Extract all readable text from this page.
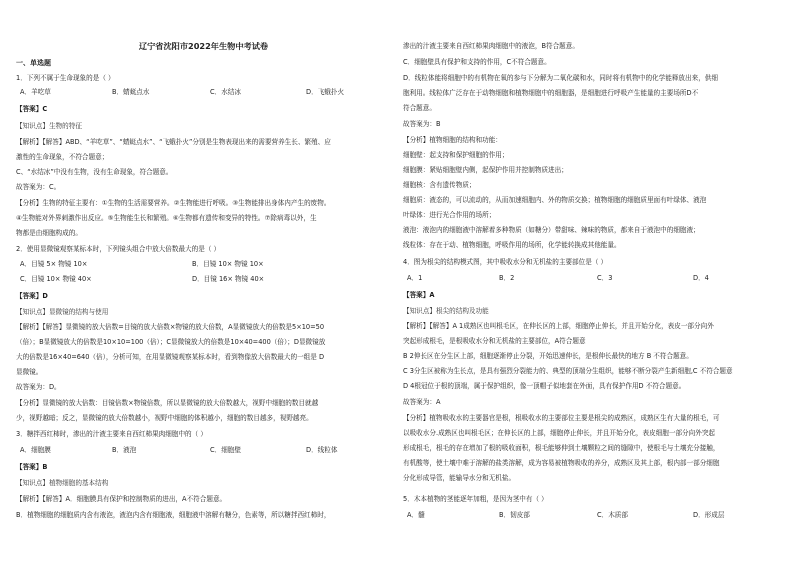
辽宁省沈阳市2022年生物中考试卷
一、单选题
1．下列不属于生命现象的是（ ）
A．羊吃草	B．蜻蜓点水	C．水结冰	D．飞蛾扑火
【答案】C
【知识点】生物的特征
【解析】【解答】ABD、“羊吃草”、“蜻蜓点水”、“飞蛾扑火”分别是生物表现出来的需要营养生长、繁殖、应
激性的生命现象，不符合题意；
C、“水结冰”中没有生物，没有生命现象，符合题意。
故答案为：C。
【分析】生物的特征主要有：①生物的生活需要营养。②生物能进行呼吸。③生物能排出身体内产生的废物。
④生物能对外界刺激作出反应。⑤生物能生长和繁殖。⑥生物都有遗传和变异的特性。⑦除病毒以外，生
物都是由细胞构成的。
2．使用显微镜观察某标本时，下列镜头组合中放大倍数最大的是（ ）
A．目镜 5× 物镜 10×	B．目镜 10× 物镜 10×
C．目镜 10× 物镜 40×	D．目镜 16× 物镜 40×
【答案】D
【知识点】显微镜的结构与使用
【解析】【解答】显微镜的放大倍数=目镜的放大倍数×物镜的放大倍数，A显微镜放大的倍数是5×10=50
（倍）；B显微镜放大的倍数是10×10=100（倍）；C显微镜放大的倍数是10×40=400（倍）；D显微镜放
大的倍数是16×40=640（倍），分析可知，在用显微镜观察某标本时，看到物像放大倍数最大的一组是 D
显微镜。
故答案为：D。
【分析】显微镜的放大倍数：目镜倍数×物镜倍数，所以显微镜的放大倍数越大，视野中细胞的数目就越
少，视野越暗；反之，显微镜的放大倍数越小，视野中细胞的体积越小，细胞的数目越多，视野越亮。
3．糖拌西红柿时，渗出的汁液主要来自西红柿果肉细胞中的（ ）
A．细胞膜	B．液泡	C．细胞壁	D．线粒体
【答案】B
【知识点】植物细胞的基本结构
【解析】【解答】A．细胞膜具有保护和控制物质的进出，A不符合题意。
B．植物细胞的细胞质内含有液泡，液泡内含有细胞液，细胞液中溶解有糖分，色素等，所以糖拌西红柿时，
渗出的汁液主要来自西红柿果肉细胞中的液泡，B符合题意。
C．细胞壁具有保护和支持的作用，C不符合题意。
D．线粒体能将细胞中的有机物在氧的参与下分解为二氧化碳和水，同时将有机物中的化学能释放出来，供细
胞利用。线粒体广泛存在于动物细胞和植物细胞中的细胞器，是细胞进行呼吸产生能量的主要场所D不
符合题意。
故答案为：B
【分析】植物细胞的结构和功能：
细胞壁：起支持和保护细胞的作用；
细胞膜：紧贴细胞壁内侧，起保护作用并控制物质进出；
细胞核：含有遗传物质；
细胞质：液态的，可以流动的，从而加速细胞内、外的物质交换；植物细胞的细胞质里面有叶绿体、液泡
叶绿体：进行光合作用的场所；
液泡：液泡内的细胞液中溶解着多种物质（如糖分）带甜味、辣味的物质，都来自于液泡中的细胞液；
线粒体：存在于动、植物细胞，呼吸作用的场所，化学能转换成其他能量。
4．图为根尖的结构模式图，其中吸收水分和无机盐的主要部位是（ ）
A．1	B．2	C．3	D．4
【答案】A
【知识点】根尖的结构及功能
【解析】【解答】A 1成熟区也叫根毛区，在伸长区的上部，细胞停止伸长，并且开始分化，表皮一部分向外
突起形成根毛，是根吸收水分和无机盐的主要部位，A符合题意
B 2伸长区在分生区上部，细胞逐渐停止分裂，开始迅速伸长，是根伸长最快的地方 B 不符合题意。
C 3分生区被称为生长点，是具有强烈分裂能力的、典型的顶端分生组织，能够不断分裂产生新细胞,C 不符合题意
D 4根冠位于根的顶端，属于保护组织，像一顶帽子似地套在外面，具有保护作用D 不符合题意。
故答案为：A
【分析】植物吸收水的主要器官是根，根吸收水的主要部位主要是根尖的成熟区，成熟区生有大量的根毛，可
以吸收水分.成熟区也叫根毛区；在伸长区的上部，细胞停止伸长，并且开始分化，表皮细胞一部分向外突起
形成根毛，根毛的存在增加了根的吸收面积，根毛能够伸到土壤颗粒之间的缝隙中，使根毛与土壤充分接触，
有机酸等，使土壤中难于溶解的盐类溶解，成为容易被植物吸收的养分，成熟区及其上部，根内部一部分细胞
分化形成导管，能输导水分和无机盐。
5．木本植物的茎能逐年加粗，是因为茎中有（ ）
A．髓	B．韧皮部	C．木质部	D．形成层
